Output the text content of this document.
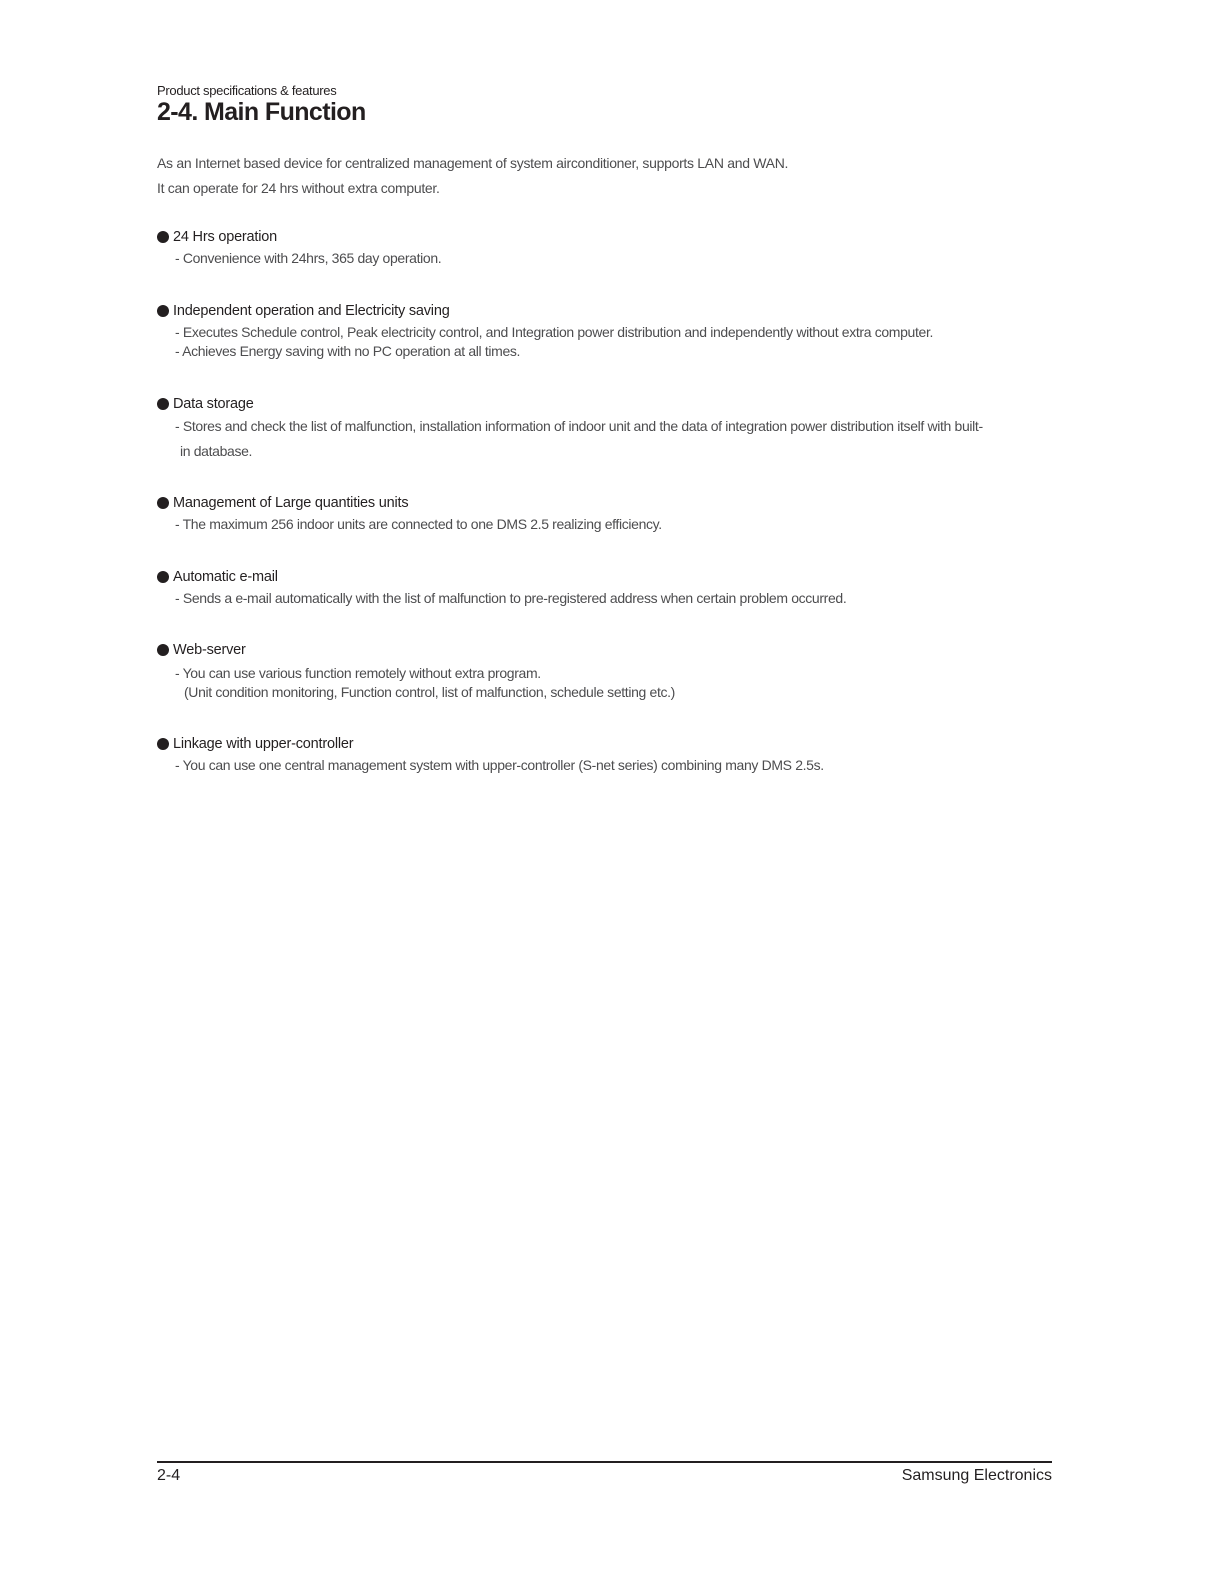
Product specifications & features
2-4. Main Function

As an Internet based device for centralized management of system airconditioner, supports LAN and WAN.

It can operate for 24 hrs without extra computer.

24 Hrs operation
- Convenience with 24hrs, 365 day operation.
Independent operation and Electricity saving
- Executes Schedule control, Peak electricity control, and Integration power distribution and independently without extra computer.
- Achieves Energy saving with no PC operation at all times.
Data storage
- Stores and check the list of malfunction, installation information of indoor unit and the data of integration power distribution itself with built-
in database.
Management of Large quantities units
- The maximum 256 indoor units are connected to one DMS 2.5 realizing efficiency.
Automatic e-mail
- Sends a e-mail automatically with the list of malfunction to pre-registered address when certain problem occurred.
Web-server
- You can use various function remotely without extra program.
(Unit condition monitoring, Function control, list of malfunction, schedule setting etc.)
Linkage with upper-controller
- You can use one central management system with upper-controller (S-net series) combining many DMS 2.5s.
2-4	Samsung Electronics
